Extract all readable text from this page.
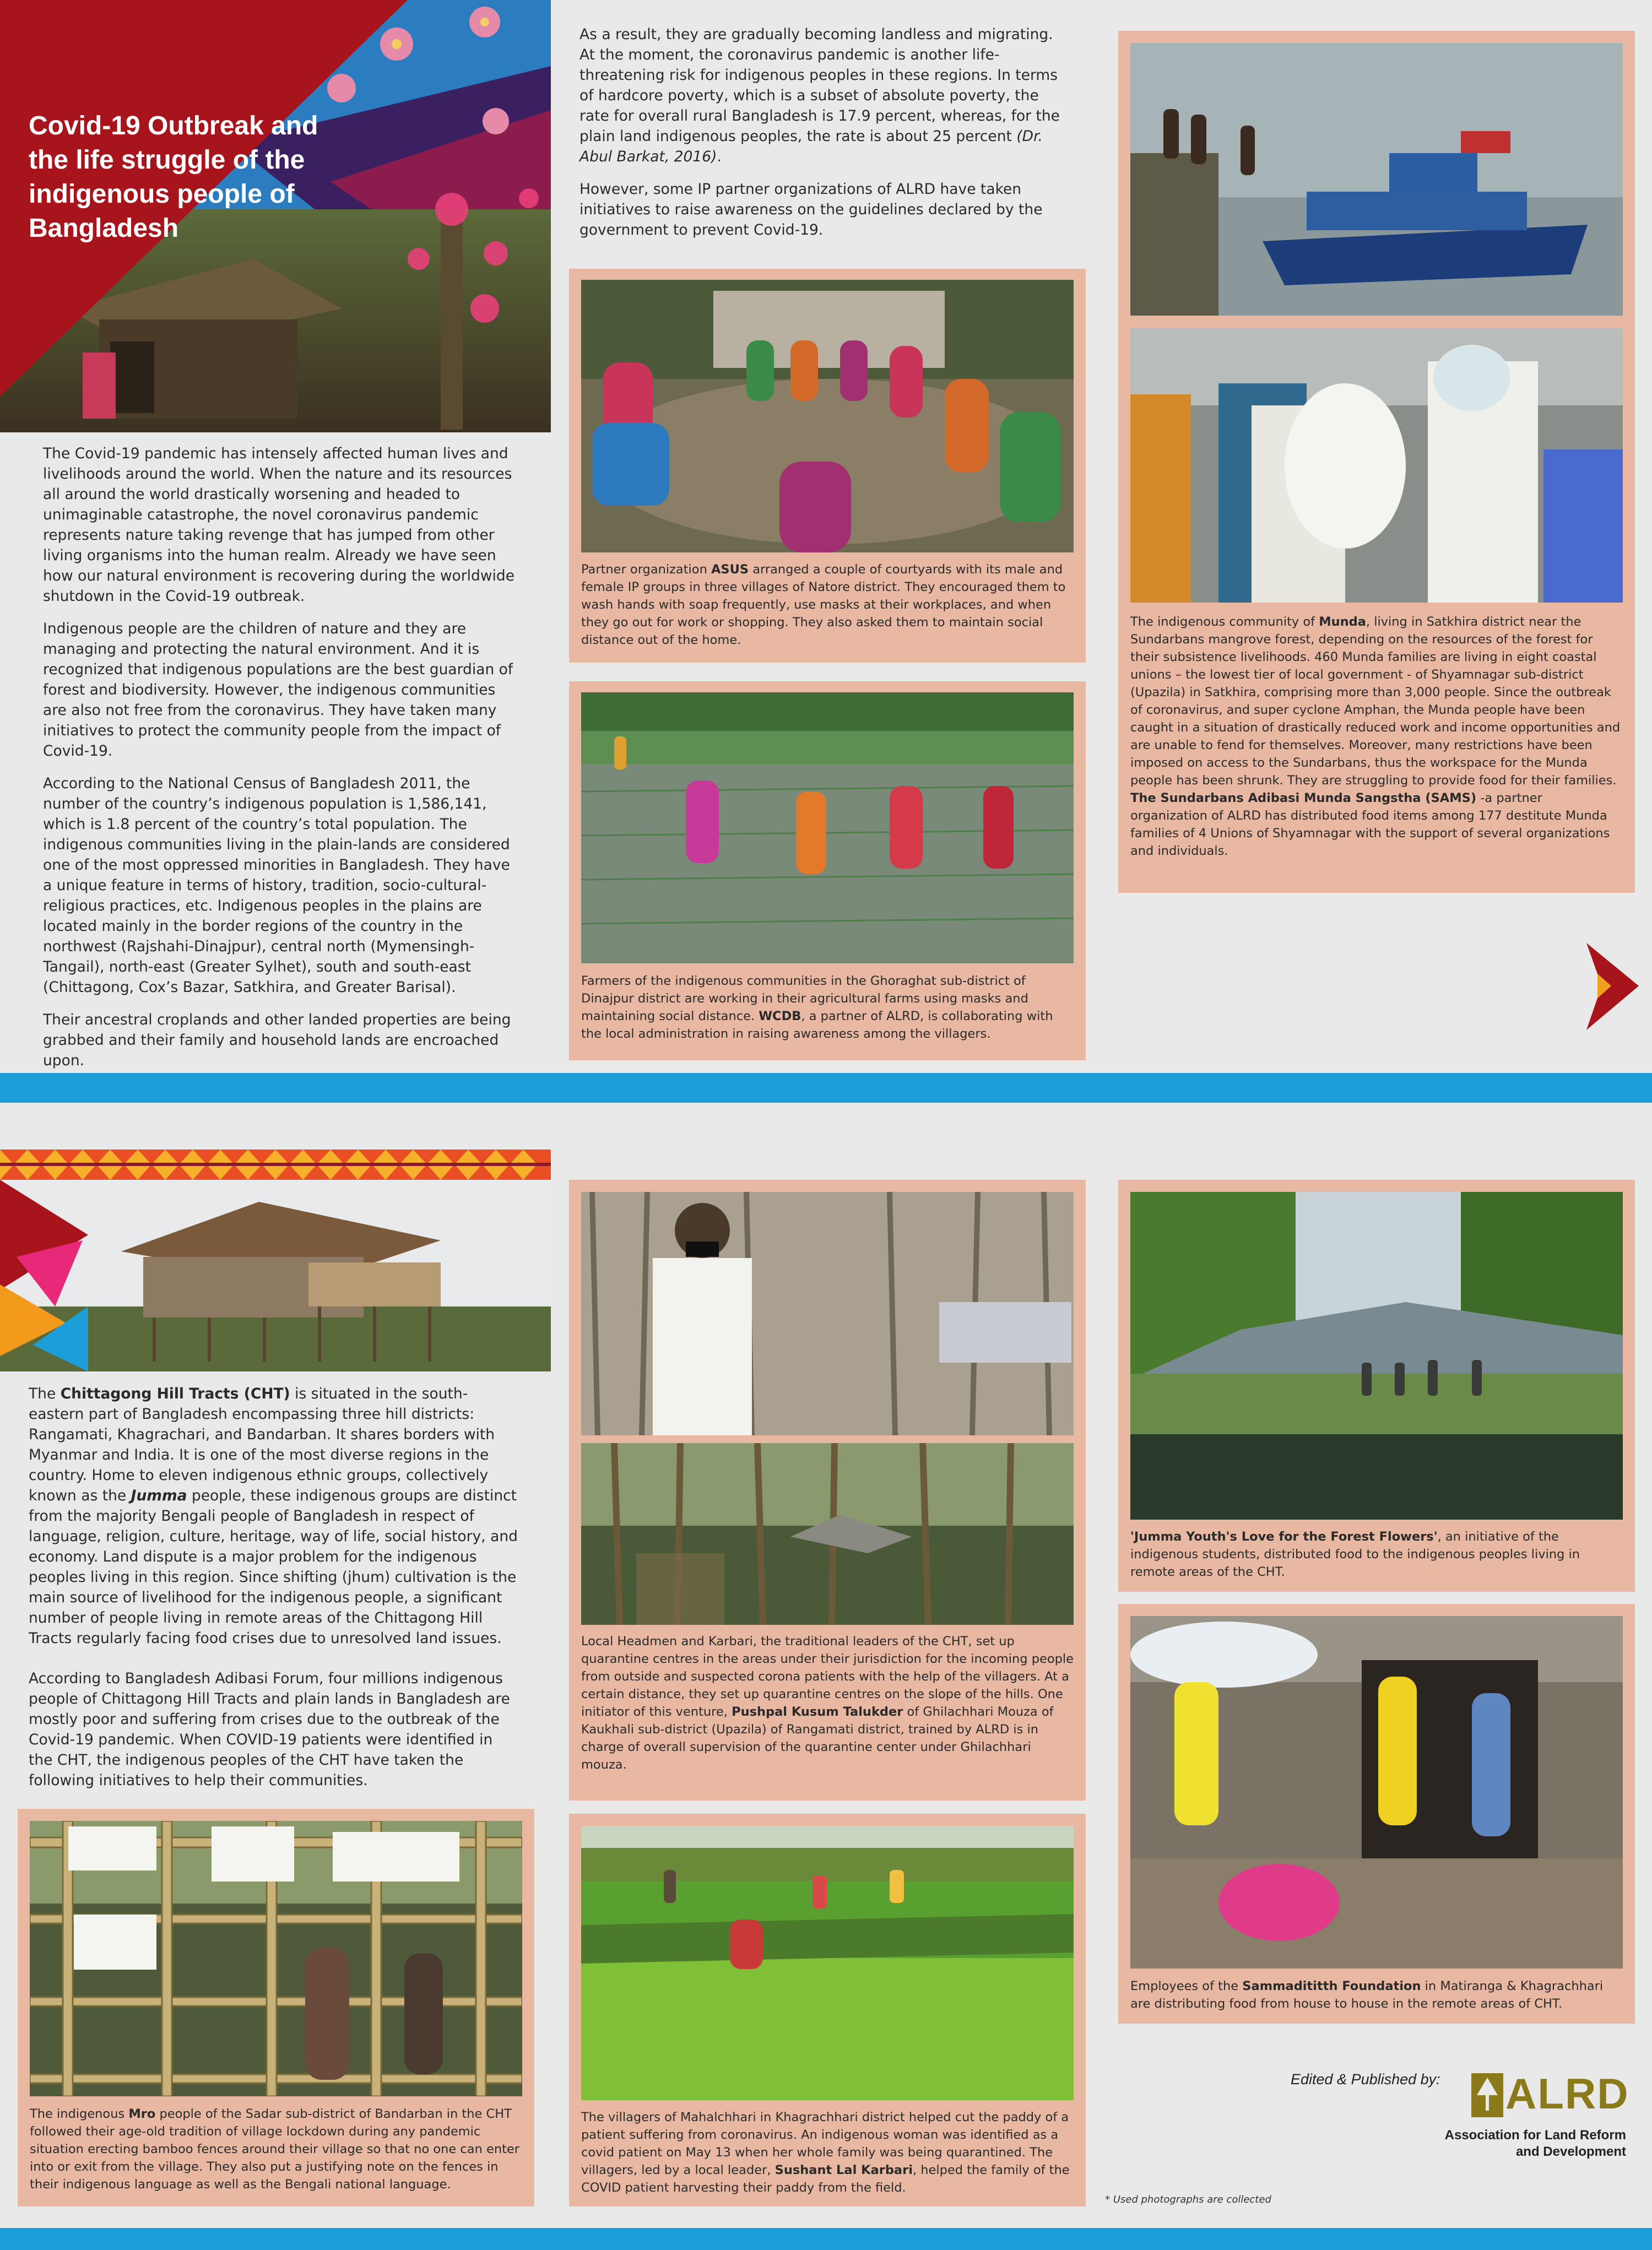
Covid-19 Outbreak and the life struggle of the indigenous people of Bangladesh

The Covid-19 pandemic has intensely affected human lives and livelihoods around the world. When the nature and its resources all around the world drastically worsening and headed to unimaginable catastrophe, the novel coronavirus pandemic represents nature taking revenge that has jumped from other living organisms into the human realm. Already we have seen how our natural environment is recovering during the worldwide shutdown in the Covid-19 outbreak.

Indigenous people are the children of nature and they are managing and protecting the natural environment. And it is recognized that indigenous populations are the best guardian of forest and biodiversity. However, the indigenous communities are also not free from the coronavirus. They have taken many initiatives to protect the community people from the impact of Covid-19.

According to the National Census of Bangladesh 2011, the number of the country’s indigenous population is 1,586,141, which is 1.8 percent of the country’s total population. The indigenous communities living in the plain-lands are considered one of the most oppressed minorities in Bangladesh. They have a unique feature in terms of history, tradition, socio-cultural-religious practices, etc. Indigenous peoples in the plains are located mainly in the border regions of the country in the northwest (Rajshahi-Dinajpur), central north (Mymensingh-Tangail), north-east (Greater Sylhet), south and south-east (Chittagong, Cox’s Bazar, Satkhira, and Greater Barisal).

Their ancestral croplands and other landed properties are being grabbed and their family and household lands are encroached upon.

As a result, they are gradually becoming landless and migrating. At the moment, the coronavirus pandemic is another life-threatening risk for indigenous peoples in these regions. In terms of hardcore poverty, which is a subset of absolute poverty, the rate for overall rural Bangladesh is 17.9 percent, whereas, for the plain land indigenous peoples, the rate is about 25 percent (Dr. Abul Barkat, 2016).

However, some IP partner organizations of ALRD have taken initiatives to raise awareness on the guidelines declared by the government to prevent Covid-19.

Partner organization ASUS arranged a couple of courtyards with its male and female IP groups in three villages of Natore district. They encouraged them to wash hands with soap frequently, use masks at their workplaces, and when they go out for work or shopping. They also asked them to maintain social distance out of the home.
Farmers of the indigenous communities in the Ghoraghat sub-district of Dinajpur district are working in their agricultural farms using masks and maintaining social distance. WCDB, a partner of ALRD, is collaborating with the local administration in raising awareness among the villagers.
The indigenous community of Munda, living in Satkhira district near the Sundarbans mangrove forest, depending on the resources of the forest for their subsistence livelihoods. 460 Munda families are living in eight coastal unions – the lowest tier of local government - of Shyamnagar sub-district (Upazila) in Satkhira, comprising more than 3,000 people. Since the outbreak of coronavirus, and super cyclone Amphan, the Munda people have been caught in a situation of drastically reduced work and income opportunities and are unable to fend for themselves. Moreover, many restrictions have been imposed on access to the Sundarbans, thus the workspace for the Munda people has been shrunk. They are struggling to provide food for their families. The Sundarbans Adibasi Munda Sangstha (SAMS) -a partner organization of ALRD has distributed food items among 177 destitute Munda families of 4 Unions of Shyamnagar with the support of several organizations and individuals.

The Chittagong Hill Tracts (CHT) is situated in the south-eastern part of Bangladesh encompassing three hill districts: Rangamati, Khagrachari, and Bandarban. It shares borders with Myanmar and India. It is one of the most diverse regions in the country. Home to eleven indigenous ethnic groups, collectively known as the Jumma people, these indigenous groups are distinct from the majority Bengali people of Bangladesh in respect of language, religion, culture, heritage, way of life, social history, and economy. Land dispute is a major problem for the indigenous peoples living in this region. Since shifting (jhum) cultivation is the main source of livelihood for the indigenous people, a significant number of people living in remote areas of the Chittagong Hill Tracts regularly facing food crises due to unresolved land issues.

According to Bangladesh Adibasi Forum, four millions indigenous people of Chittagong Hill Tracts and plain lands in Bangladesh are mostly poor and suffering from crises due to the outbreak of the Covid-19 pandemic. When COVID-19 patients were identified in the CHT, the indigenous peoples of the CHT have taken the following initiatives to help their communities.

The indigenous Mro people of the Sadar sub-district of Bandarban in the CHT followed their age-old tradition of village lockdown during any pandemic situation erecting bamboo fences around their village so that no one can enter into or exit from the village. They also put a justifying note on the fences in their indigenous language as well as the Bengali national language.
Local Headmen and Karbari, the traditional leaders of the CHT, set up quarantine centres in the areas under their jurisdiction for the incoming people from outside and suspected corona patients with the help of the villagers. At a certain distance, they set up quarantine centres on the slope of the hills. One initiator of this venture, Pushpal Kusum Talukder of Ghilachhari Mouza of Kaukhali sub-district (Upazila) of Rangamati district, trained by ALRD is in charge of overall supervision of the quarantine center under Ghilachhari mouza.
The villagers of Mahalchhari in Khagrachhari district helped cut the paddy of a patient suffering from coronavirus. An indigenous woman was identified as a covid patient on May 13 when her whole family was being quarantined. The villagers, led by a local leader, Sushant Lal Karbari, helped the family of the COVID patient harvesting their paddy from the field.
'Jumma Youth's Love for the Forest Flowers', an initiative of the indigenous students, distributed food to the indigenous peoples living in remote areas of the CHT.
Employees of the Sammadititth Foundation in Matiranga & Khagrachhari are distributing food from house to house in the remote areas of CHT.
Edited & Published by: ALRD
Association for Land Reform
and Development
* Used photographs are collected
